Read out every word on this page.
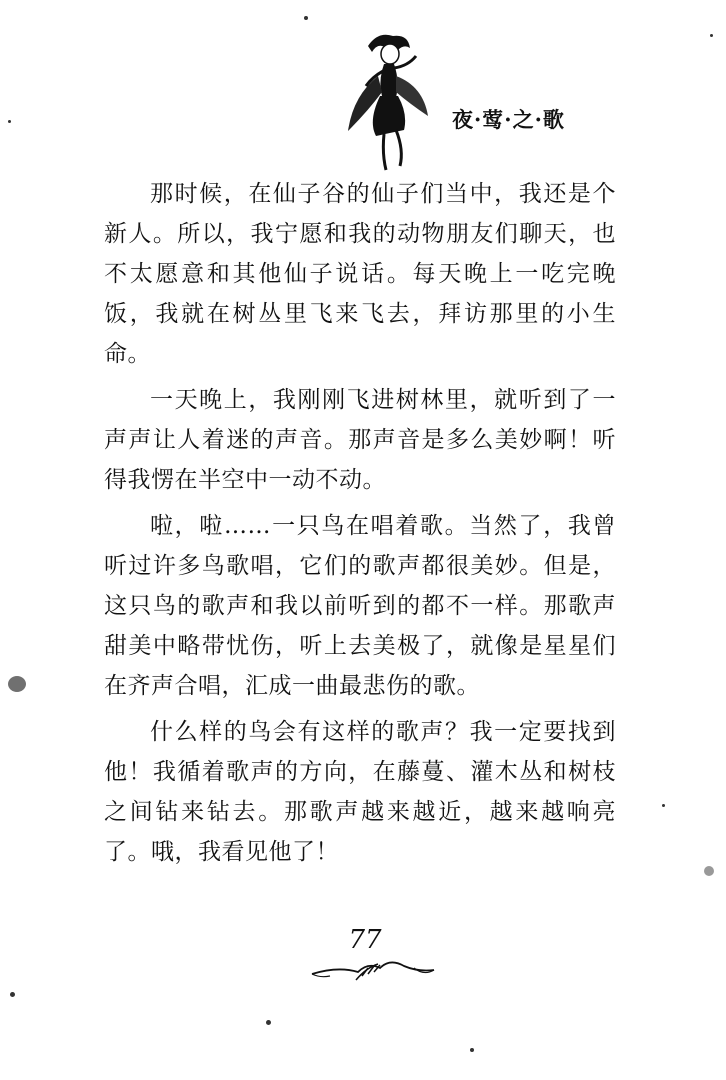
夜·莺·之·歌

那时候，在仙子谷的仙子们当中，我还是个新人。所以，我宁愿和我的动物朋友们聊天，也不太愿意和其他仙子说话。每天晚上一吃完晚饭，我就在树丛里飞来飞去，拜访那里的小生命。

一天晚上，我刚刚飞进树林里，就听到了一声声让人着迷的声音。那声音是多么美妙啊！听得我愣在半空中一动不动。

啦，啦……一只鸟在唱着歌。当然了，我曾听过许多鸟歌唱，它们的歌声都很美妙。但是，这只鸟的歌声和我以前听到的都不一样。那歌声甜美中略带忧伤，听上去美极了，就像是星星们在齐声合唱，汇成一曲最悲伤的歌。

什么样的鸟会有这样的歌声？我一定要找到他！我循着歌声的方向，在藤蔓、灌木丛和树枝之间钻来钻去。那歌声越来越近，越来越响亮了。哦，我看见他了！

77
